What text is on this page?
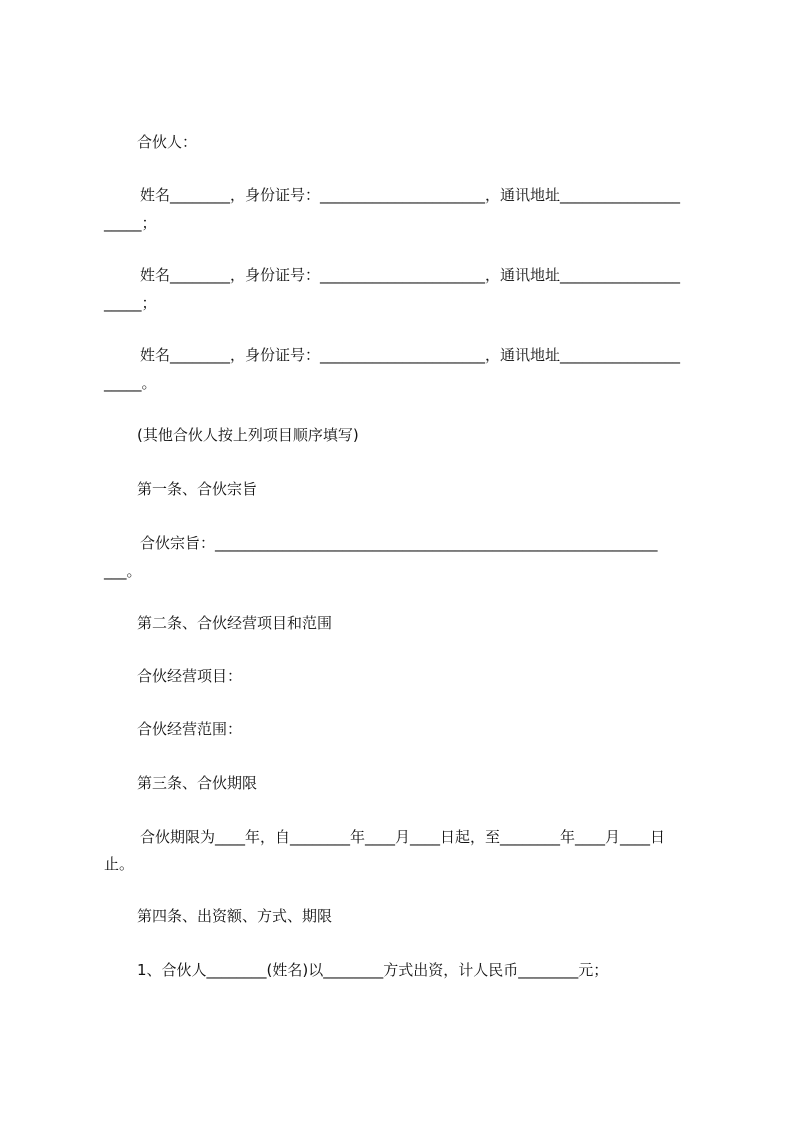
合伙人：
姓名________，身份证号：______________________，通讯地址________________
_____；
姓名________，身份证号：______________________，通讯地址________________
_____；
姓名________，身份证号：______________________，通讯地址________________
_____。
(其他合伙人按上列项目顺序填写)
第一条、合伙宗旨
合伙宗旨：___________________________________________________________
___。
第二条、合伙经营项目和范围
合伙经营项目：
合伙经营范围：
第三条、合伙期限
合伙期限为____年，自________年____月____日起，至________年____月____日
止。
第四条、出资额、方式、期限
1、合伙人________(姓名)以________方式出资，计人民币________元；
